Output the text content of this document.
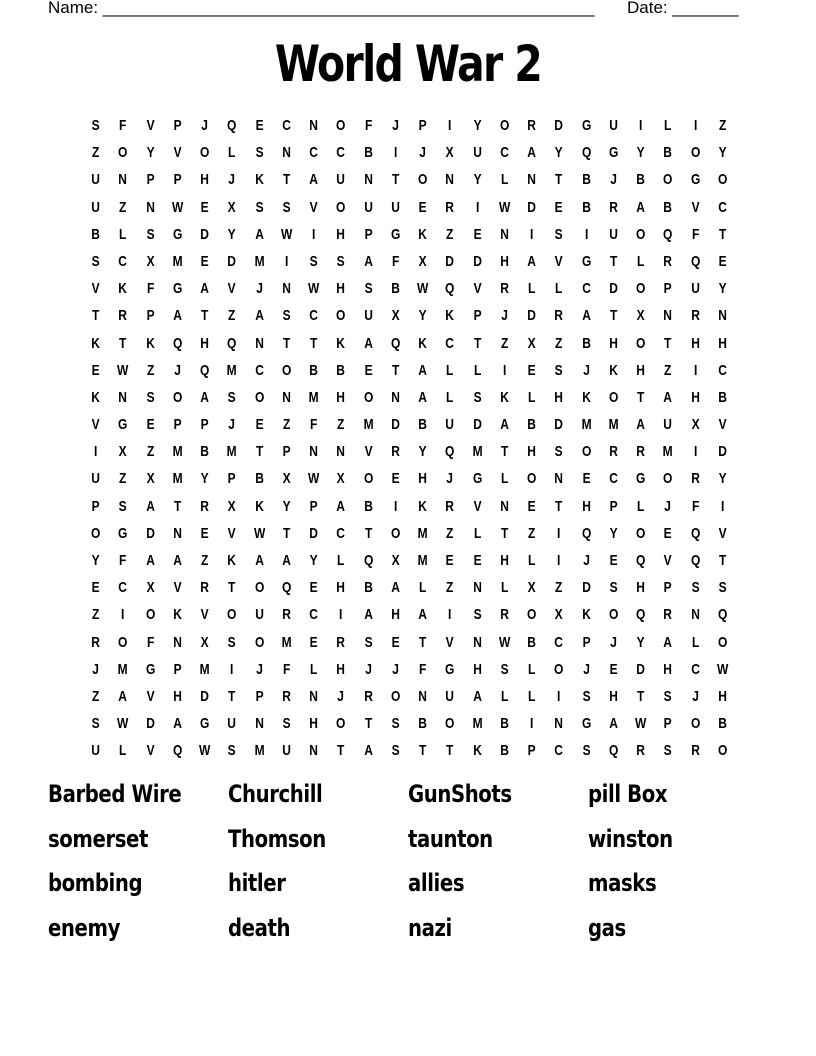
Name: ____________________________________________________ Date: _______
World War 2
S	F	V	P	J	Q	E	C	N	O	F	J	P	I	Y	O	R	D	G	U	I	L	I	Z
Z	O	Y	V	O	L	S	N	C	C	B	I	J	X	U	C	A	Y	Q	G	Y	B	O	Y
U	N	P	P	H	J	K	T	A	U	N	T	O	N	Y	L	N	T	B	J	B	O	G	O
U	Z	N	W	E	X	S	S	V	O	U	U	E	R	I	W	D	E	B	R	A	B	V	C
B	L	S	G	D	Y	A	W	I	H	P	G	K	Z	E	N	I	S	I	U	O	Q	F	T
S	C	X	M	E	D	M	I	S	S	A	F	X	D	D	H	A	V	G	T	L	R	Q	E
V	K	F	G	A	V	J	N	W	H	S	B	W	Q	V	R	L	L	C	D	O	P	U	Y
T	R	P	A	T	Z	A	S	C	O	U	X	Y	K	P	J	D	R	A	T	X	N	R	N
K	T	K	Q	H	Q	N	T	T	K	A	Q	K	C	T	Z	X	Z	B	H	O	T	H	H
E	W	Z	J	Q	M	C	O	B	B	E	T	A	L	L	I	E	S	J	K	H	Z	I	C
K	N	S	O	A	S	O	N	M	H	O	N	A	L	S	K	L	H	K	O	T	A	H	B
V	G	E	P	P	J	E	Z	F	Z	M	D	B	U	D	A	B	D	M	M	A	U	X	V
I	X	Z	M	B	M	T	P	N	N	V	R	Y	Q	M	T	H	S	O	R	R	M	I	D
U	Z	X	M	Y	P	B	X	W	X	O	E	H	J	G	L	O	N	E	C	G	O	R	Y
P	S	A	T	R	X	K	Y	P	A	B	I	K	R	V	N	E	T	H	P	L	J	F	I
O	G	D	N	E	V	W	T	D	C	T	O	M	Z	L	T	Z	I	Q	Y	O	E	Q	V
Y	F	A	A	Z	K	A	A	Y	L	Q	X	M	E	E	H	L	I	J	E	Q	V	Q	T
E	C	X	V	R	T	O	Q	E	H	B	A	L	Z	N	L	X	Z	D	S	H	P	S	S
Z	I	O	K	V	O	U	R	C	I	A	H	A	I	S	R	O	X	K	O	Q	R	N	Q
R	O	F	N	X	S	O	M	E	R	S	E	T	V	N	W	B	C	P	J	Y	A	L	O
J	M	G	P	M	I	J	F	L	H	J	J	F	G	H	S	L	O	J	E	D	H	C	W
Z	A	V	H	D	T	P	R	N	J	R	O	N	U	A	L	L	I	S	H	T	S	J	H
S	W	D	A	G	U	N	S	H	O	T	S	B	O	M	B	I	N	G	A	W	P	O	B
U	L	V	Q	W	S	M	U	N	T	A	S	T	T	K	B	P	C	S	Q	R	S	R	O
Barbed Wire	Churchill	GunShots	pill Box
somerset	Thomson	taunton	winston
bombing	hitler	allies	masks
enemy	death	nazi	gas
